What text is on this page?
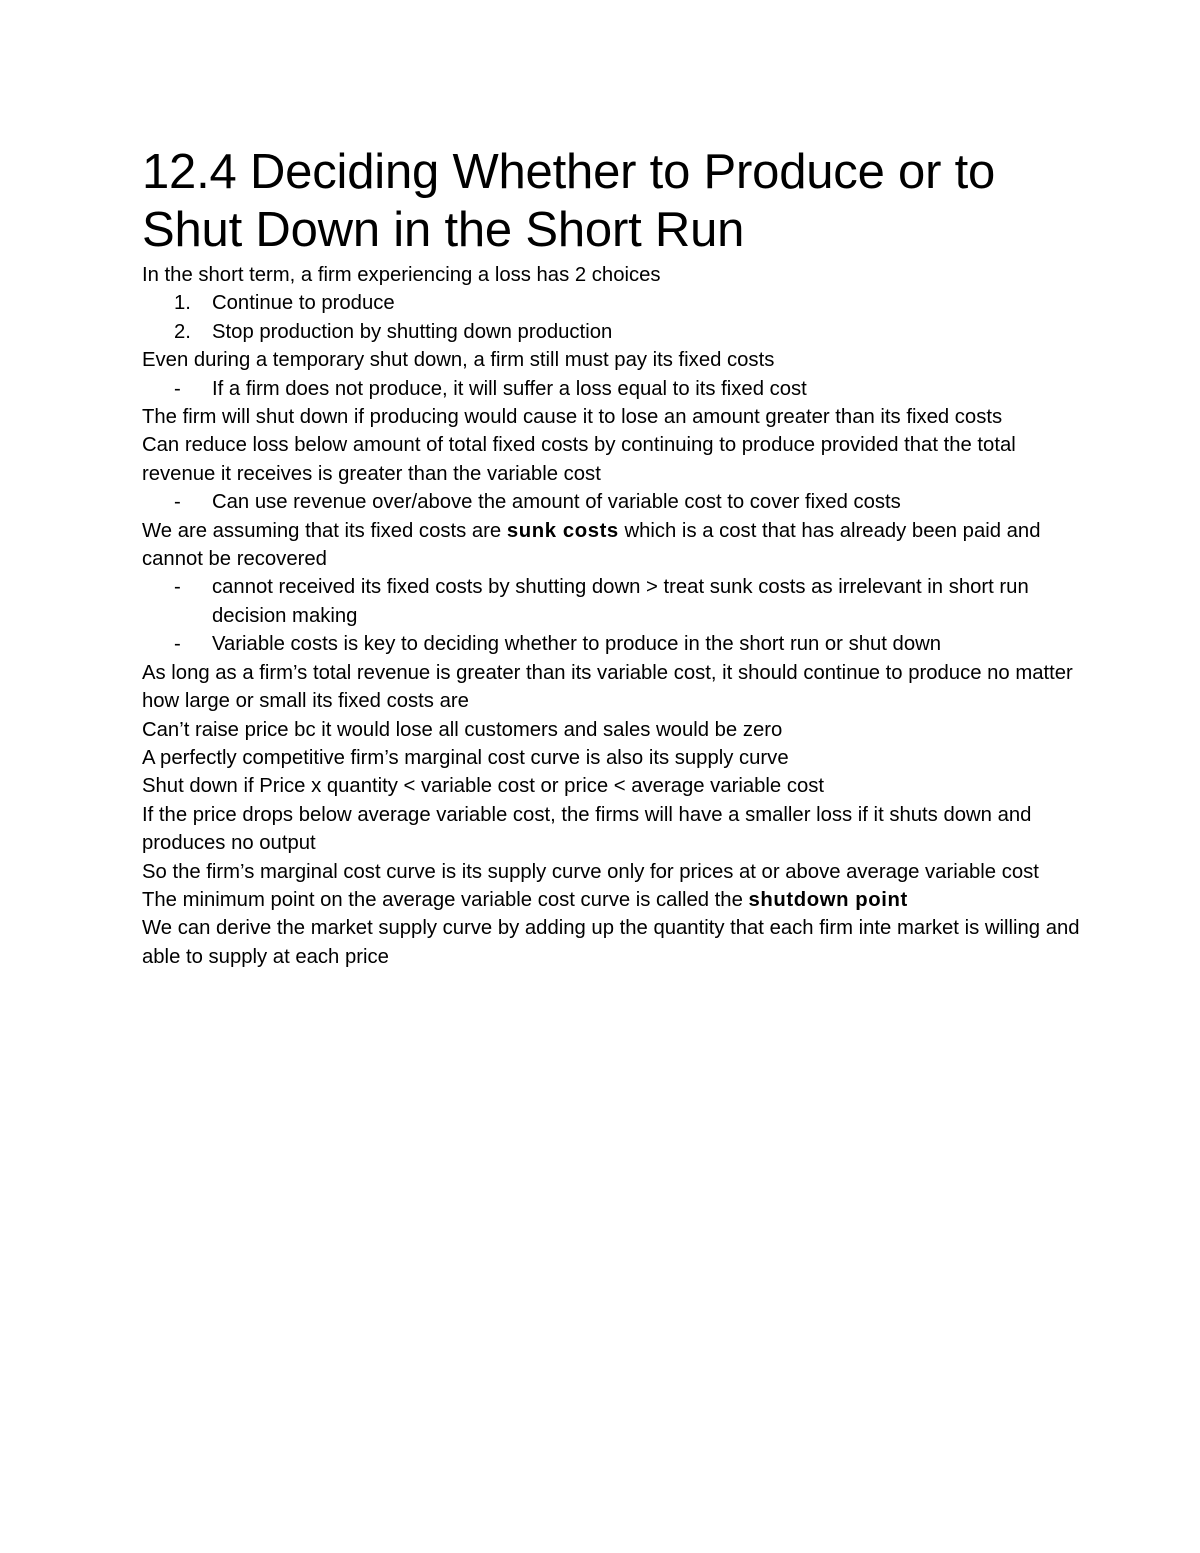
12.4 Deciding Whether to Produce or to Shut Down in the Short Run

In the short term, a firm experiencing a loss has 2 choices

1.	Continue to produce
2.	Stop production by shutting down production

Even during a temporary shut down, a firm still must pay its fixed costs

-	If a firm does not produce, it will suffer a loss equal to its fixed cost

The firm will shut down if producing would cause it to lose an amount greater than its fixed costs

Can reduce loss below amount of total fixed costs by continuing to produce provided that the total revenue it receives is greater than the variable cost

-	Can use revenue over/above the amount of variable cost to cover fixed costs

We are assuming that its fixed costs are sunk costs which is a cost that has already been paid and cannot be recovered

-	cannot received its fixed costs by shutting down > treat sunk costs as irrelevant in short run decision making
-	Variable costs is key to deciding whether to produce in the short run or shut down

As long as a firm’s total revenue is greater than its variable cost, it should continue to produce no matter how large or small its fixed costs are

Can’t raise price bc it would lose all customers and sales would be zero

A perfectly competitive firm’s marginal cost curve is also its supply curve

Shut down if Price x quantity < variable cost or price < average variable cost

If the price drops below average variable cost, the firms will have a smaller loss if it shuts down and produces no output

So the firm’s marginal cost curve is its supply curve only for prices at or above average variable cost

The minimum point on the average variable cost curve is called the shutdown point

We can derive the market supply curve by adding up the quantity that each firm inte market is willing and able to supply at each price
